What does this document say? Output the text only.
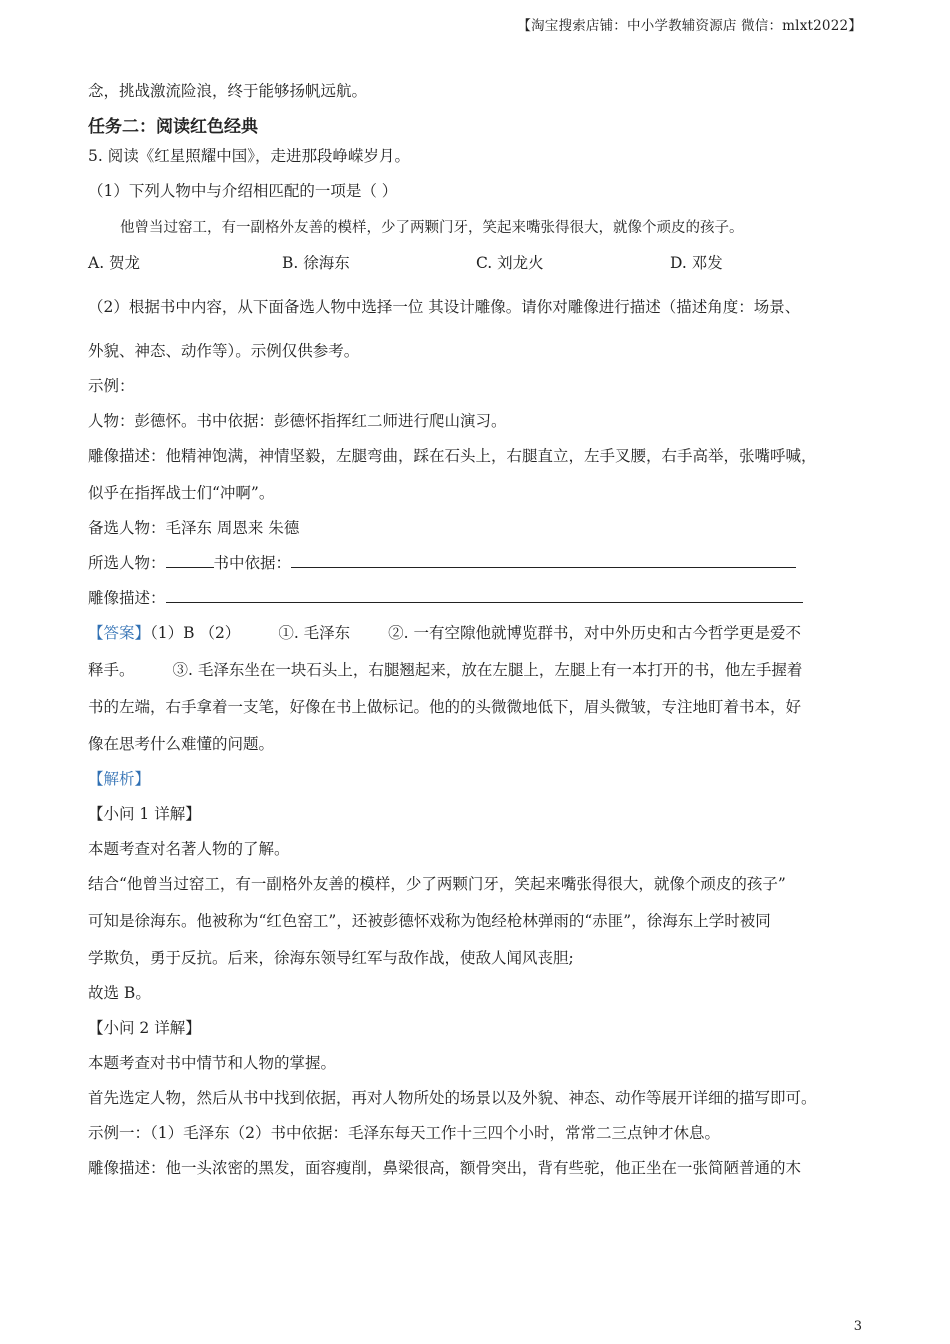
【淘宝搜索店铺：中小学教辅资源店 微信：mlxt2022】

念，挑战激流险浪，终于能够扬帆远航。

任务二：阅读红色经典

5. 阅读《红星照耀中国》，走进那段峥嵘岁月。

（1）下列人物中与介绍相匹配的一项是（ ）

他曾当过窑工，有一副格外友善的模样，少了两颗门牙，笑起来嘴张得很大，就像个顽皮的孩子。

A. 贺龙	B. 徐海东	C. 刘龙火	D. 邓发

（2）根据书中内容，从下面备选人物中选择一位 其设计雕像。请你对雕像进行描述（描述角度：场景、

外貌、神态、动作等）。示例仅供参考。

示例：

人物：彭德怀。书中依据：彭德怀指挥红二师进行爬山演习。

雕像描述：他精神饱满，神情坚毅，左腿弯曲，踩在石头上，右腿直立，左手叉腰，右手高举，张嘴呼喊，

似乎在指挥战士们“冲啊”。

备选人物：毛泽东 周恩来 朱德

所选人物：	书中依据：

雕像描述：

【答案】（1）B （2） ①. 毛泽东 ②. 一有空隙他就博览群书，对中外历史和古今哲学更是爱不

释手。 ③. 毛泽东坐在一块石头上，右腿翘起来，放在左腿上，左腿上有一本打开的书，他左手握着

书的左端，右手拿着一支笔，好像在书上做标记。他的的头微微地低下，眉头微皱，专注地盯着书本，好

像在思考什么难懂的问题。

【解析】

【小问 1 详解】

本题考查对名著人物的了解。

结合“他曾当过窑工，有一副格外友善的模样，少了两颗门牙，笑起来嘴张得很大，就像个顽皮的孩子”

可知是徐海东。他被称为“红色窑工”，还被彭德怀戏称为饱经枪林弹雨的“赤匪”，徐海东上学时被同

学欺负，勇于反抗。后来，徐海东领导红军与敌作战，使敌人闻风丧胆;

故选 B。

【小问 2 详解】

本题考查对书中情节和人物的掌握。

首先选定人物，然后从书中找到依据，再对人物所处的场景以及外貌、神态、动作等展开详细的描写即可。

示例一：（1）毛泽东（2）书中依据：毛泽东每天工作十三四个小时，常常二三点钟才休息。

雕像描述：他一头浓密的黑发，面容瘦削，鼻梁很高，额骨突出，背有些驼，他正坐在一张简陋普通的木

3
